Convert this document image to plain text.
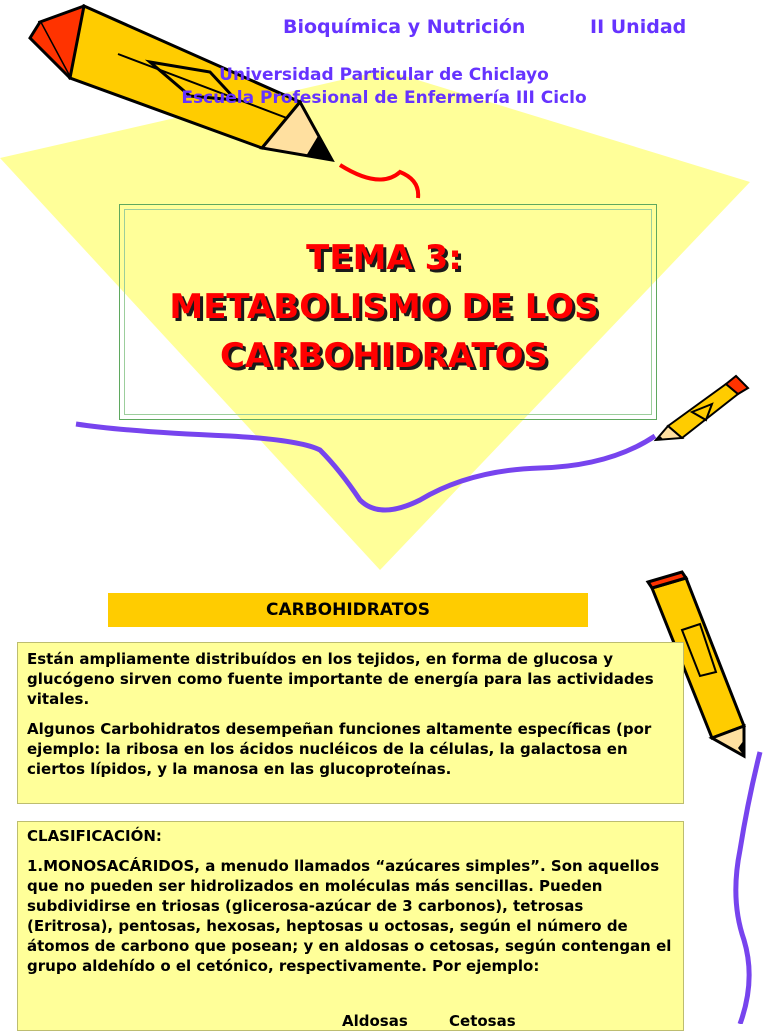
Bioquímica y Nutrición	II Unidad
Universidad Particular de Chiclayo
Escuela Profesional de Enfermería III Ciclo
TEMA 3:
METABOLISMO DE LOS
CARBOHIDRATOS
CARBOHIDRATOS

Están ampliamente distribuídos en los tejidos, en forma de glucosa y glucógeno sirven como fuente importante de energía para las actividades vitales.

Algunos Carbohidratos desempeñan funciones altamente específicas (por ejemplo: la ribosa en los ácidos nucléicos de la células, la galactosa en ciertos lípidos, y la manosa en las glucoproteínas.

CLASIFICACIÓN:

1.MONOSACÁRIDOS, a menudo llamados “azúcares simples”. Son aquellos que no pueden ser hidrolizados en moléculas más sencillas. Pueden subdividirse en triosas (glicerosa-azúcar de 3 carbonos), tetrosas (Eritrosa), pentosas, hexosas, heptosas u octosas, según el número de átomos de carbono que posean; y en aldosas o cetosas, según contengan el grupo aldehído o el cetónico, respectivamente. Por ejemplo:

Aldosas	Cetosas
